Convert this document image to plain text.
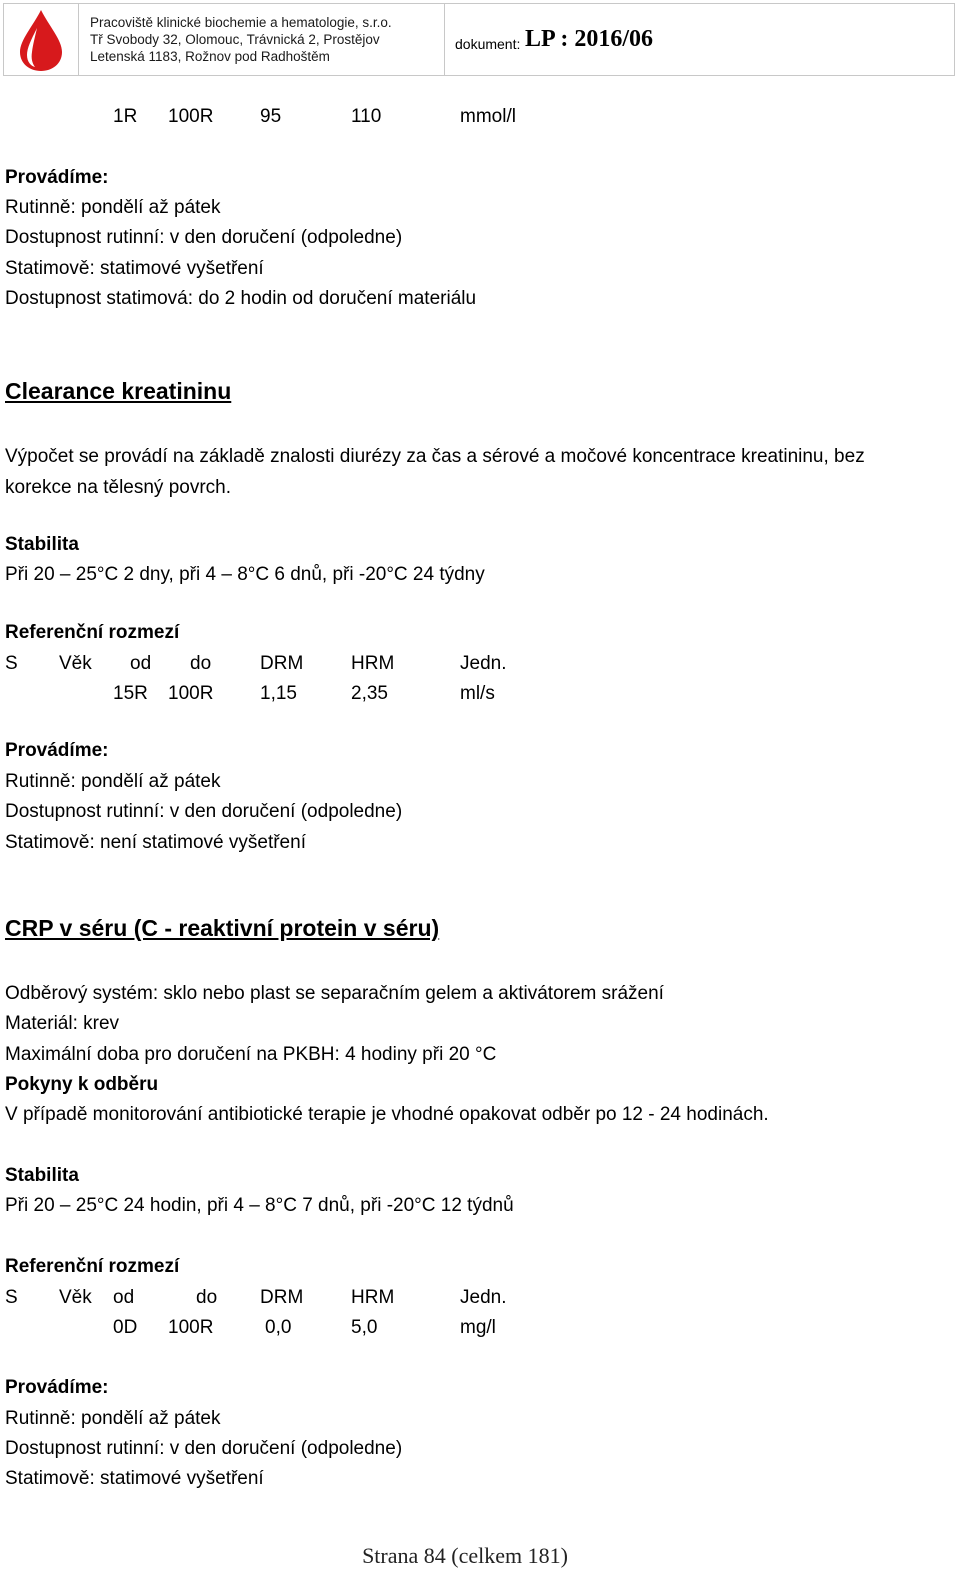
Pracoviště klinické biochemie a hematologie, s.r.o.
Tř Svobody 32, Olomouc, Trávnická 2, Prostějov
Letenská 1183, Rožnov pod Radhoštěm
dokument: LP : 2016/06
1R 100R 95	110	mmol/l
Provádíme:
Rutinně: pondělí až pátek
Dostupnost rutinní: v den doručení (odpoledne)
Statimově: statimové vyšetření
Dostupnost statimová: do 2 hodin od doručení materiálu
Clearance kreatininu
Výpočet se provádí na základě znalosti diurézy za čas a sérové a močové koncentrace kreatininu, bez
korekce na tělesný povrch.
Stabilita
Při 20 – 25°C 2 dny, při 4 – 8°C 6 dnů, při -20°C 24 týdny
Referenční rozmezí
S Věk od do	DRM	HRM	Jedn.
15R 100R 1,15	2,35	ml/s
Provádíme:
Rutinně: pondělí až pátek
Dostupnost rutinní: v den doručení (odpoledne)
Statimově: není statimové vyšetření
CRP v séru (C - reaktivní protein v séru)
Odběrový systém: sklo nebo plast se separačním gelem a aktivátorem srážení
Materiál: krev
Maximální doba pro doručení na PKBH: 4 hodiny při 20 °C
Pokyny k odběru
V případě monitorování antibiotické terapie je vhodné opakovat odběr po 12 - 24 hodinách.
Stabilita
Při 20 – 25°C 24 hodin, při 4 – 8°C 7 dnů, při -20°C 12 týdnů
Referenční rozmezí
S Věk od	do DRM	HRM	Jedn.
0D 100R	0,0	5,0	mg/l
Provádíme:
Rutinně: pondělí až pátek
Dostupnost rutinní: v den doručení (odpoledne)
Statimově: statimové vyšetření
Strana 84 (celkem 181)
